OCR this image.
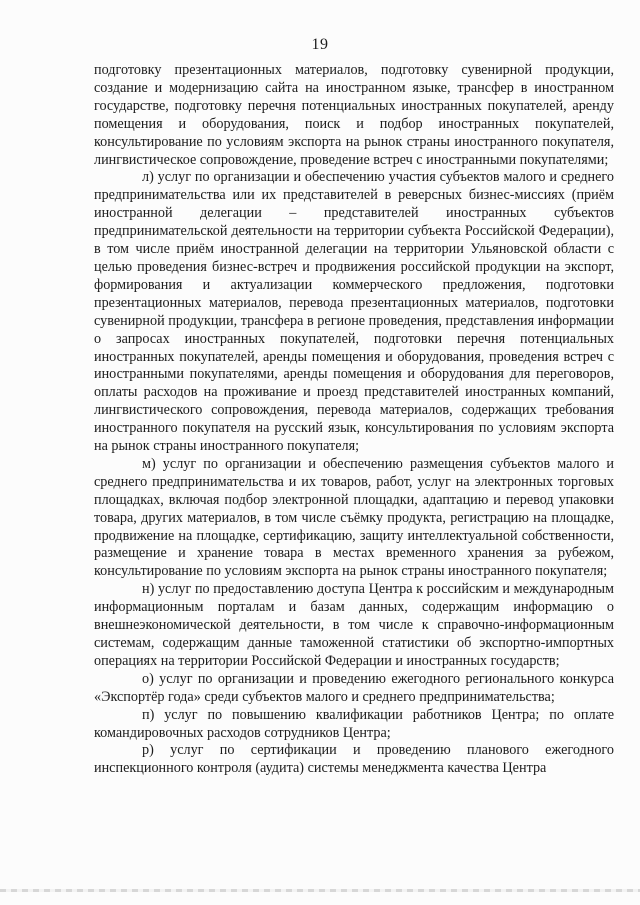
19

подготовку презентационных материалов, подготовку сувенирной продукции, создание и модернизацию сайта на иностранном языке, трансфер в иностранном государстве, подготовку перечня потенциальных иностранных покупателей, аренду помещения и оборудования, поиск и подбор иностранных покупателей, консультирование по условиям экспорта на рынок страны иностранного покупателя, лингвистическое сопровождение, проведение встреч с иностранными покупателями;

л) услуг по организации и обеспечению участия субъектов малого и среднего предпринимательства или их представителей в реверсных бизнес-миссиях (приём иностранной делегации – представителей иностранных субъектов предпринимательской деятельности на территории субъекта Российской Федерации), в том числе приём иностранной делегации на территории Ульяновской области с целью проведения бизнес-встреч и продвижения российской продукции на экспорт, формирования и актуализации коммерческого предложения, подготовки презентационных материалов, перевода презентационных материалов, подготовки сувенирной продукции, трансфера в регионе проведения, представления информации о запросах иностранных покупателей, подготовки перечня потенциальных иностранных покупателей, аренды помещения и оборудования, проведения встреч с иностранными покупателями, аренды помещения и оборудования для переговоров, оплаты расходов на проживание и проезд представителей иностранных компаний, лингвистического сопровождения, перевода материалов, содержащих требования иностранного покупателя на русский язык, консультирования по условиям экспорта на рынок страны иностранного покупателя;

м) услуг по организации и обеспечению размещения субъектов малого и среднего предпринимательства и их товаров, работ, услуг на электронных торговых площадках, включая подбор электронной площадки, адаптацию и перевод упаковки товара, других материалов, в том числе съёмку продукта, регистрацию на площадке, продвижение на площадке, сертификацию, защиту интеллектуальной собственности, размещение и хранение товара в местах временного хранения за рубежом, консультирование по условиям экспорта на рынок страны иностранного покупателя;

н) услуг по предоставлению доступа Центра к российским и международным информационным порталам и базам данных, содержащим информацию о внешнеэкономической деятельности, в том числе к справочно-информационным системам, содержащим данные таможенной статистики об экспортно-импортных операциях на территории Российской Федерации и иностранных государств;

о) услуг по организации и проведению ежегодного регионального конкурса «Экспортёр года» среди субъектов малого и среднего предпринимательства;

п) услуг по повышению квалификации работников Центра; по оплате командировочных расходов сотрудников Центра;

р) услуг по сертификации и проведению планового ежегодного инспекционного контроля (аудита) системы менеджмента качества Центра
